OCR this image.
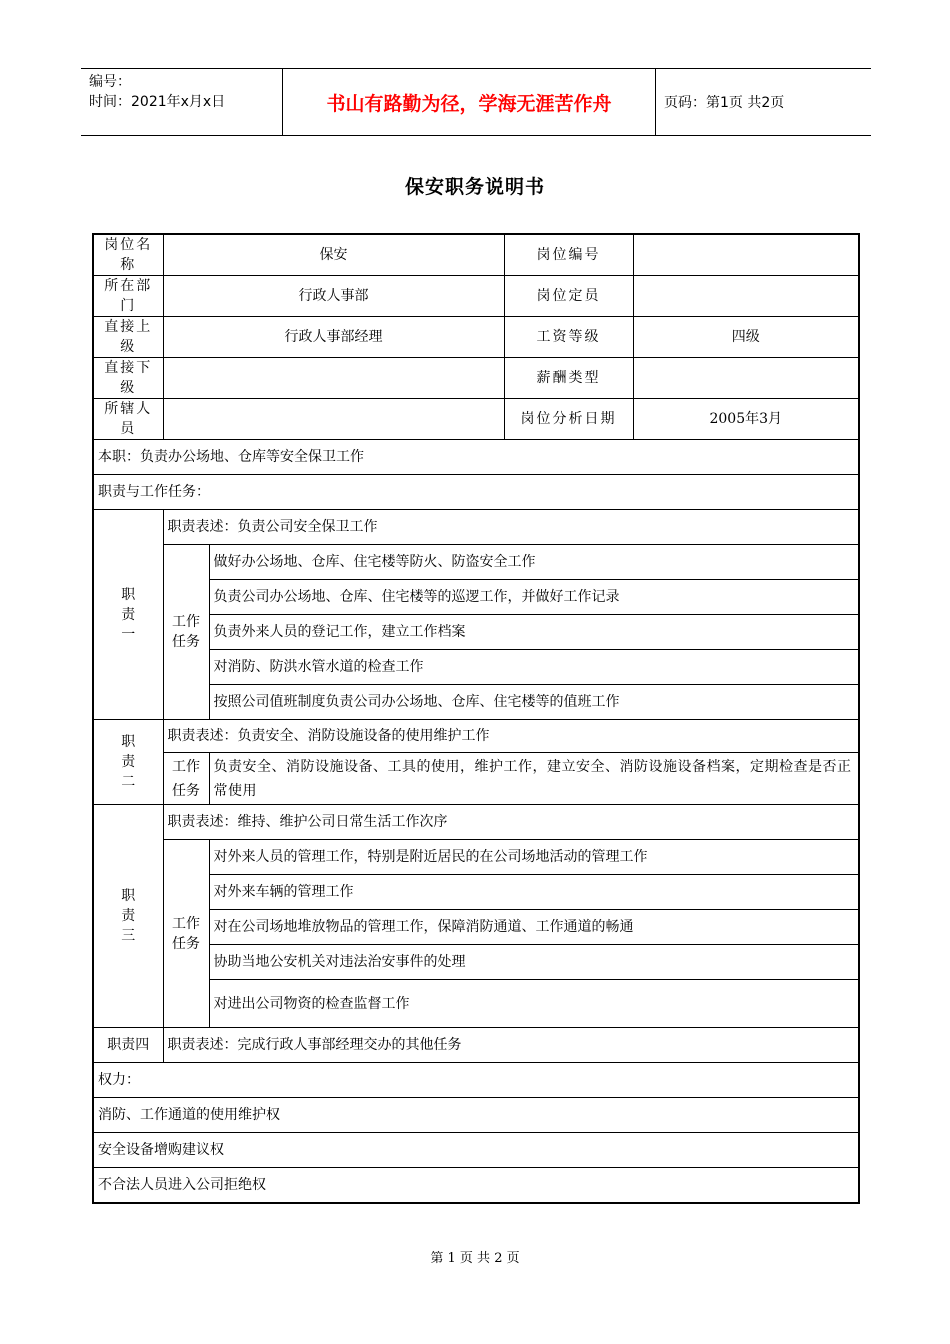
编号：
时间：2021年x月x日	书山有路勤为径，学海无涯苦作舟	页码：第1页 共2页
保安职务说明书
岗位名称	保安		岗位编号	
所在部门	行政人事部		岗位定员	
直接上级	行政人事部经理		工资等级	四级
直接下级			薪酬类型	
所辖人员			岗位分析日期	2005年3月
本职：负责办公场地、仓库等安全保卫工作				
职责与工作任务：				

职
责
一	职责表述：负责公司安全保卫工作			

	工作
任务	做好办公场地、仓库、住宅楼等防火、防盗安全工作		
		负责公司办公场地、仓库、住宅楼等的巡逻工作，并做好工作记录		
		负责外来人员的登记工作，建立工作档案		
		对消防、防洪水管水道的检查工作		
		按照公司值班制度负责公司办公场地、仓库、住宅楼等的值班工作		

职
责
二	职责表述：负责安全、消防设施设备的使用维护工作			

	工作
任务	负责安全、消防设施设备、工具的使用，维护工作，建立安全、消防设施设备档案，定期检查是否正常使用		

职
责
三	职责表述：维持、维护公司日常生活工作次序			

	工作
任务	对外来人员的管理工作，特别是附近居民的在公司场地活动的管理工作		
		对外来车辆的管理工作		
		对在公司场地堆放物品的管理工作，保障消防通道、工作通道的畅通		
		协助当地公安机关对违法治安事件的处理		
		对进出公司物资的检查监督工作		
职责四	职责表述：完成行政人事部经理交办的其他任务			
权力：				
消防、工作通道的使用维护权				
安全设备增购建议权				
不合法人员进入公司拒绝权				
第 1 页 共 2 页
